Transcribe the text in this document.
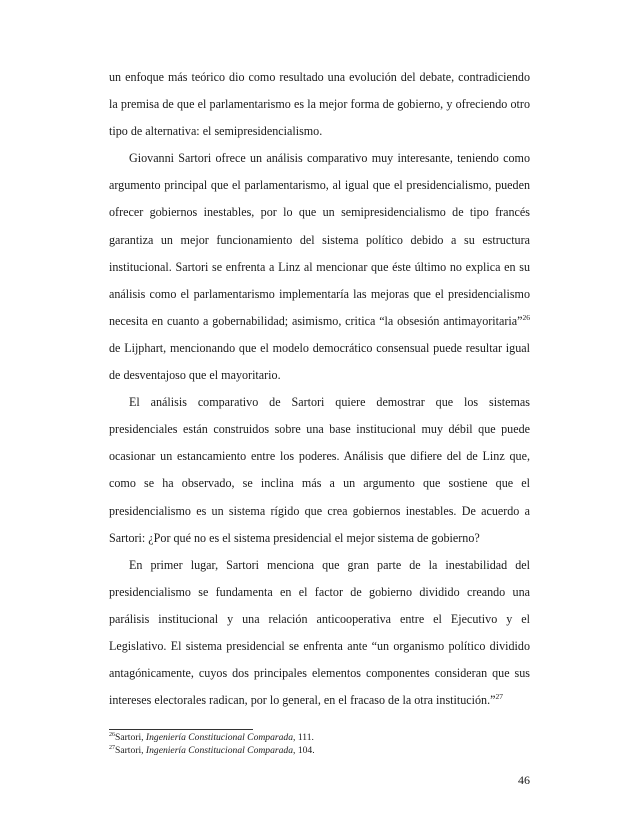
un enfoque más teórico dio como resultado una evolución del debate, contradiciendo la premisa de que el parlamentarismo es la mejor forma de gobierno, y ofreciendo otro tipo de alternativa: el semipresidencialismo.

Giovanni Sartori ofrece un análisis comparativo muy interesante, teniendo como argumento principal que el parlamentarismo, al igual que el presidencialismo, pueden ofrecer gobiernos inestables, por lo que un semipresidencialismo de tipo francés garantiza un mejor funcionamiento del sistema político debido a su estructura institucional. Sartori se enfrenta a Linz al mencionar que éste último no explica en su análisis como el parlamentarismo implementaría las mejoras que el presidencialismo necesita en cuanto a gobernabilidad; asimismo, critica “la obsesión antimayoritaria”$^{26}$ de Lijphart, mencionando que el modelo democrático consensual puede resultar igual de desventajoso que el mayoritario.

El análisis comparativo de Sartori quiere demostrar que los sistemas presidenciales están construidos sobre una base institucional muy débil que puede ocasionar un estancamiento entre los poderes. Análisis que difiere del de Linz que, como se ha observado, se inclina más a un argumento que sostiene que el presidencialismo es un sistema rígido que crea gobiernos inestables. De acuerdo a Sartori: ¿Por qué no es el sistema presidencial el mejor sistema de gobierno?

En primer lugar, Sartori menciona que gran parte de la inestabilidad del presidencialismo se fundamenta en el factor de gobierno dividido creando una parálisis institucional y una relación anticooperativa entre el Ejecutivo y el Legislativo. El sistema presidencial se enfrenta ante “un organismo político dividido antagónicamente, cuyos dos principales elementos componentes consideran que sus intereses electorales radican, por lo general, en el fracaso de la otra institución.”$^{27}$

$^{26}$Sartori, Ingeniería Constitucional Comparada, 111.
$^{27}$Sartori, Ingeniería Constitucional Comparada, 104.
46
